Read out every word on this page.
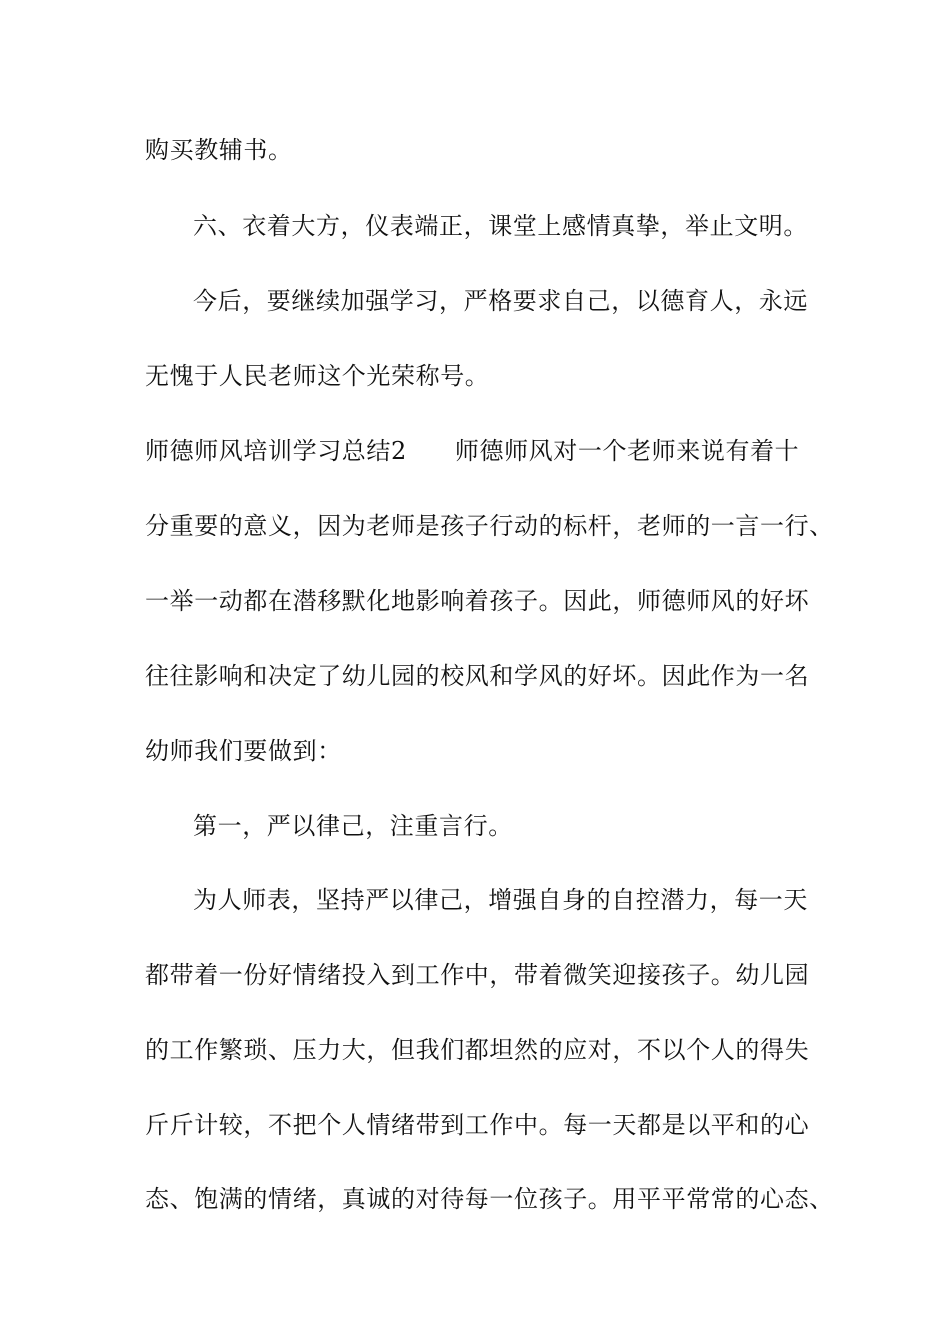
购买教辅书。
六、衣着大方，仪表端正，课堂上感情真挚，举止文明。
今后，要继续加强学习，严格要求自己，以德育人，永远
无愧于人民老师这个光荣称号。
师德师风培训学习总结2 师德师风对一个老师来说有着十
分重要的意义，因为老师是孩子行动的标杆，老师的一言一行、
一举一动都在潜移默化地影响着孩子。因此，师德师风的好坏
往往影响和决定了幼儿园的校风和学风的好坏。因此作为一名
幼师我们要做到：
第一，严以律己，注重言行。
为人师表，坚持严以律己，增强自身的自控潜力，每一天
都带着一份好情绪投入到工作中，带着微笑迎接孩子。幼儿园
的工作繁琐、压力大，但我们都坦然的应对，不以个人的得失
斤斤计较，不把个人情绪带到工作中。每一天都是以平和的心
态、饱满的情绪，真诚的对待每一位孩子。用平平常常的心态、
